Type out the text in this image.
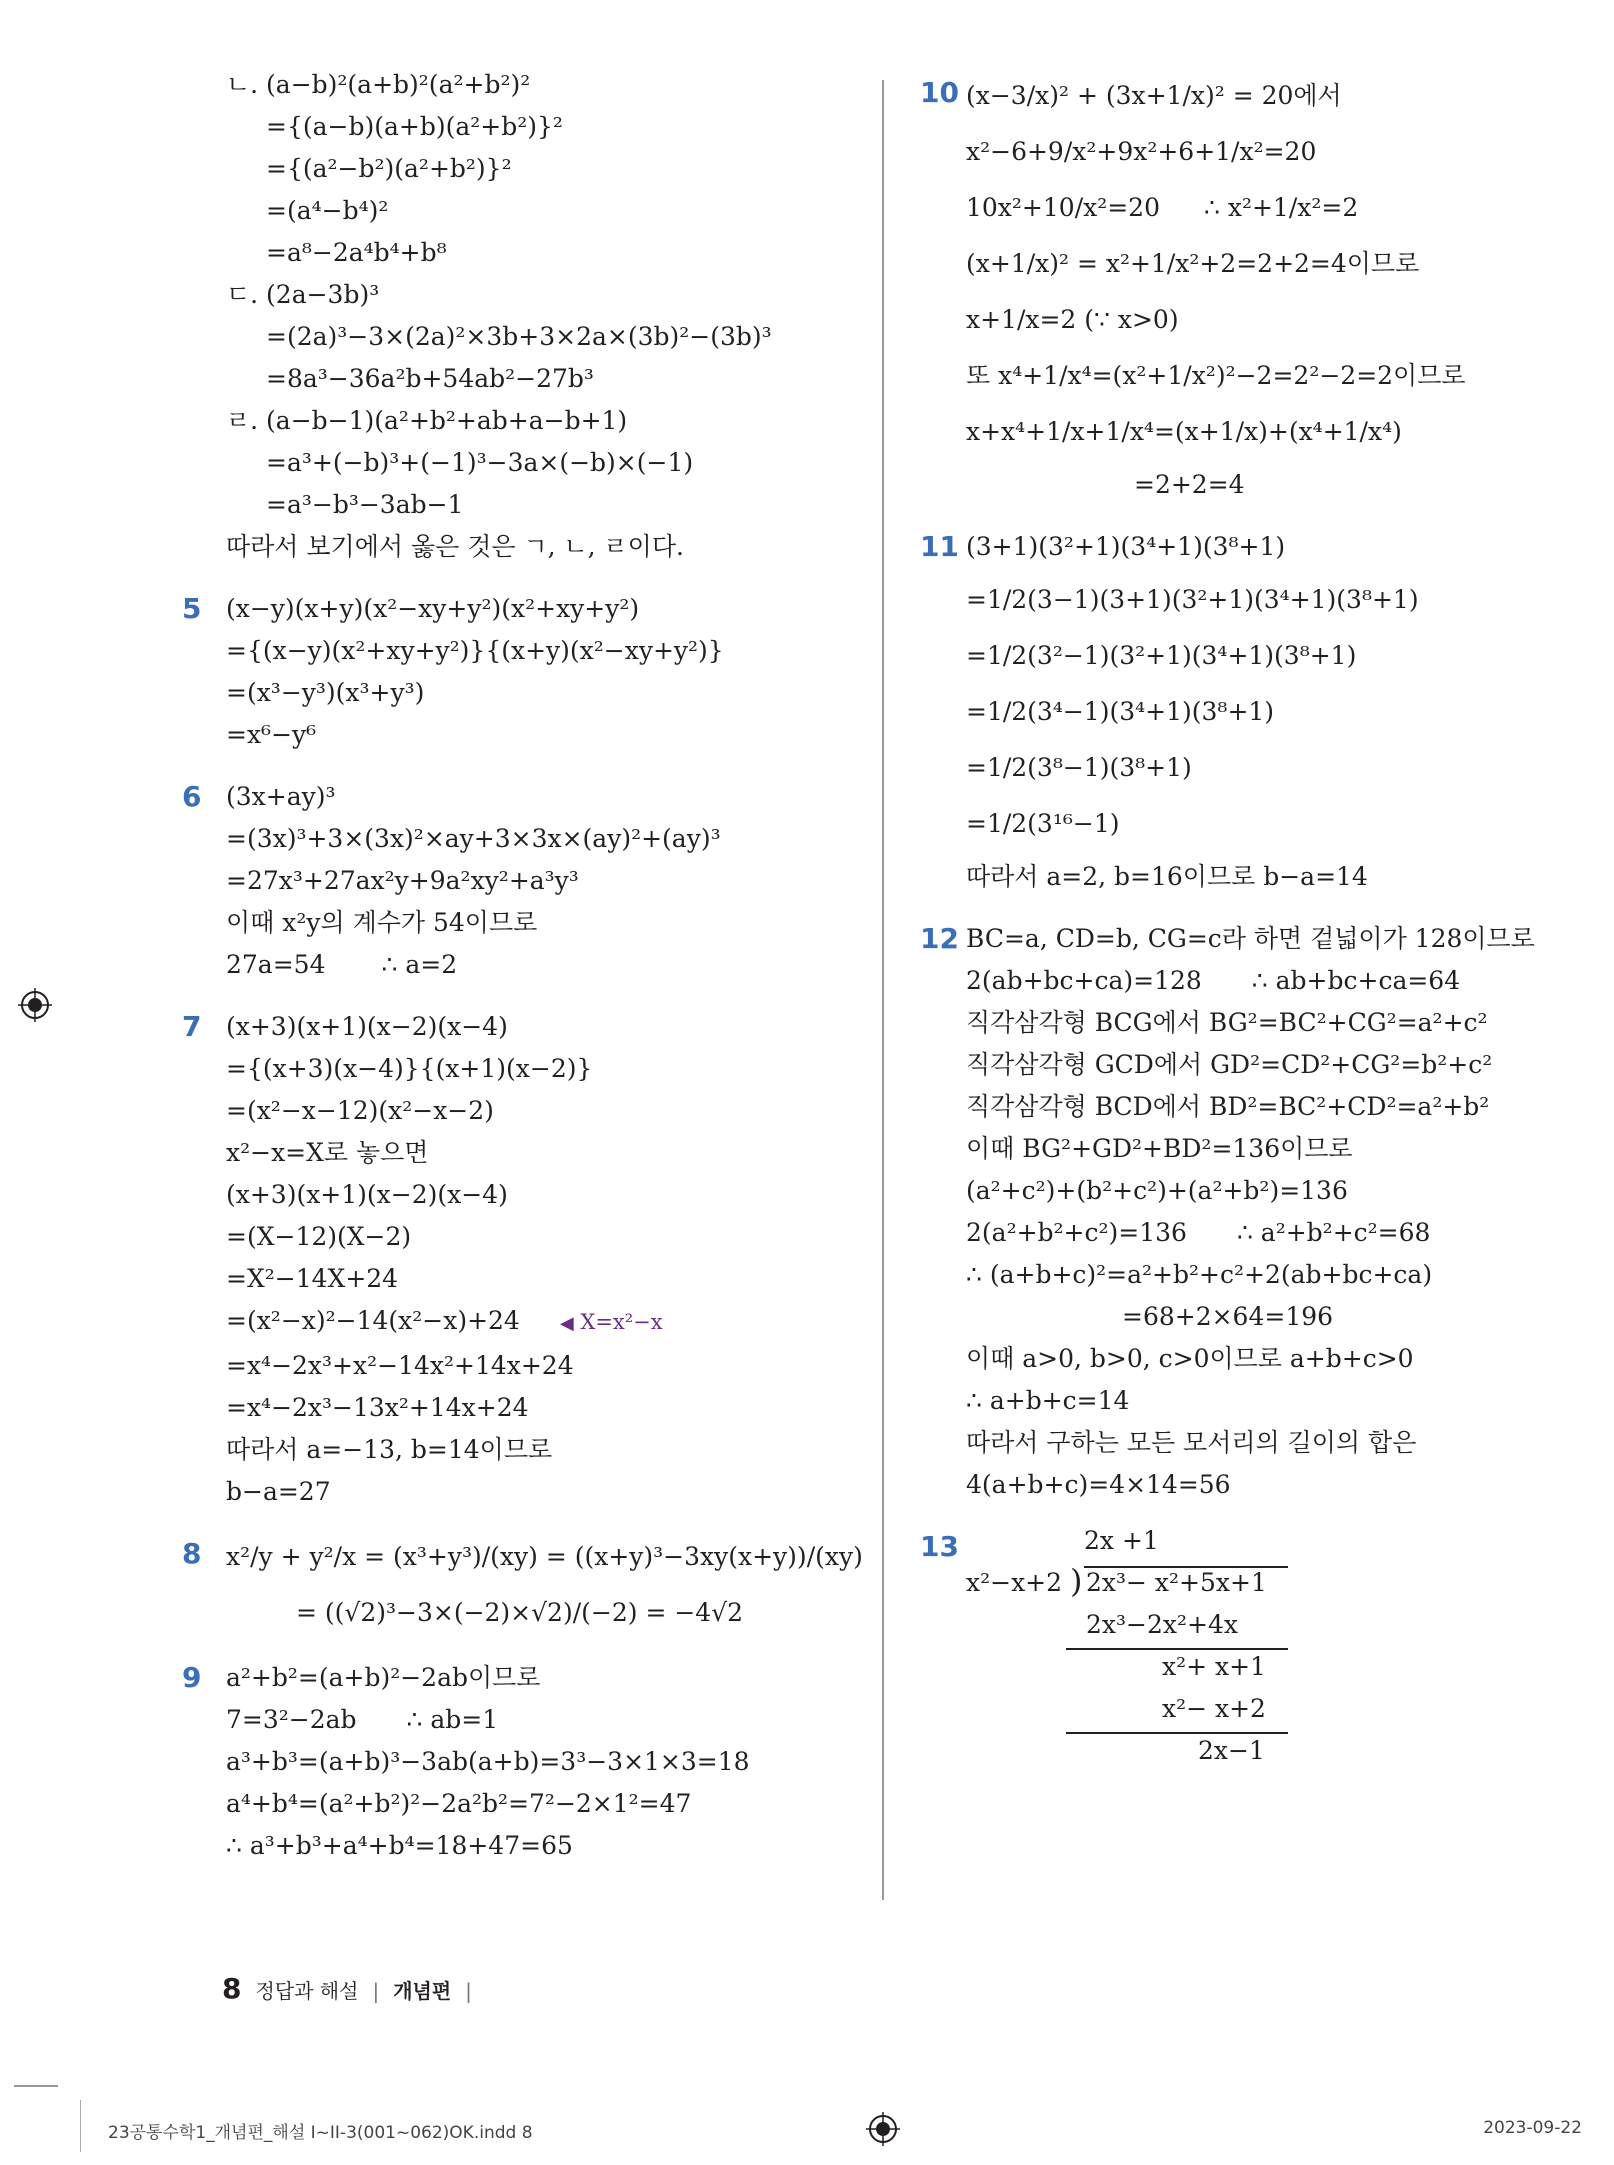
ㄴ. (a−b)²(a+b)²(a²+b²)²
={(a−b)(a+b)(a²+b²)}²
={(a²−b²)(a²+b²)}²
=(a⁴−b⁴)²
=a⁸−2a⁴b⁴+b⁸
ㄷ. (2a−3b)³
=(2a)³−3×(2a)²×3b+3×2a×(3b)²−(3b)³
=8a³−36a²b+54ab²−27b³
ㄹ. (a−b−1)(a²+b²+ab+a−b+1)
=a³+(−b)³+(−1)³−3a×(−b)×(−1)
=a³−b³−3ab−1
따라서 보기에서 옳은 것은 ㄱ, ㄴ, ㄹ이다.
5 (x−y)(x+y)(x²−xy+y²)(x²+xy+y²)
={(x−y)(x²+xy+y²)}{(x+y)(x²−xy+y²)}
=(x³−y³)(x³+y³)
=x⁶−y⁶
6 (3x+ay)³
=(3x)³+3×(3x)²×ay+3×3x×(ay)²+(ay)³
=27x³+27ax²y+9a²xy²+a³y³
이때 x²y의 계수가 54이므로
27a=54 ∴ a=2
7 (x+3)(x+1)(x−2)(x−4)
={(x+3)(x−4)}{(x+1)(x−2)}
=(x²−x−12)(x²−x−2)
x²−x=X로 놓으면
(x+3)(x+1)(x−2)(x−4)
=(X−12)(X−2)
=X²−14X+24
=(x²−x)²−14(x²−x)+24 ◀ X=x²−x
=x⁴−2x³+x²−14x²+14x+24
=x⁴−2x³−13x²+14x+24
따라서 a=−13, b=14이므로
b−a=27
8 x²/y + y²/x = (x³+y³)/(xy) = ((x+y)³−3xy(x+y))/(xy)
= ((√2)³−3×(−2)×√2)/(−2) = −4√2
9 a²+b²=(a+b)²−2ab이므로
7=3²−2ab ∴ ab=1
a³+b³=(a+b)³−3ab(a+b)=3³−3×1×3=18
a⁴+b⁴=(a²+b²)²−2a²b²=7²−2×1²=47
∴ a³+b³+a⁴+b⁴=18+47=65
10 (x−3/x)² + (3x+1/x)² = 20에서
x²−6+9/x²+9x²+6+1/x²=20
10x²+10/x²=20 ∴ x²+1/x²=2
(x+1/x)² = x²+1/x²+2=2+2=4이므로
x+1/x=2 (∵ x>0)
또 x⁴+1/x⁴=(x²+1/x²)²−2=2²−2=2이므로
x+x⁴+1/x+1/x⁴=(x+1/x)+(x⁴+1/x⁴)
=2+2=4
11 (3+1)(3²+1)(3⁴+1)(3⁸+1)
=1/2(3−1)(3+1)(3²+1)(3⁴+1)(3⁸+1)
=1/2(3²−1)(3²+1)(3⁴+1)(3⁸+1)
=1/2(3⁴−1)(3⁴+1)(3⁸+1)
=1/2(3⁸−1)(3⁸+1)
=1/2(3¹⁶−1)
따라서 a=2, b=16이므로 b−a=14
12 BC=a, CD=b, CG=c라 하면 겉넓이가 128이므로
2(ab+bc+ca)=128 ∴ ab+bc+ca=64
직각삼각형 BCG에서 BG²=BC²+CG²=a²+c²
직각삼각형 GCD에서 GD²=CD²+CG²=b²+c²
직각삼각형 BCD에서 BD²=BC²+CD²=a²+b²
이때 BG²+GD²+BD²=136이므로
(a²+c²)+(b²+c²)+(a²+b²)=136
2(a²+b²+c²)=136 ∴ a²+b²+c²=68
∴ (a+b+c)²=a²+b²+c²+2(ab+bc+ca)
=68+2×64=196
이때 a>0, b>0, c>0이므로 a+b+c>0
∴ a+b+c=14
따라서 구하는 모든 모서리의 길이의 합은
4(a+b+c)=4×14=56
13	2x +1
x²−x+2 ) 2x³− x²+5x+1
2x³−2x²+4x
x²+ x+1
x²− x+2
2x−1
8 정답과 해설 | 개념편 |
23공통수학1_개념편_해설 I~II-3(001~062)OK.indd 8	2023-09-22
